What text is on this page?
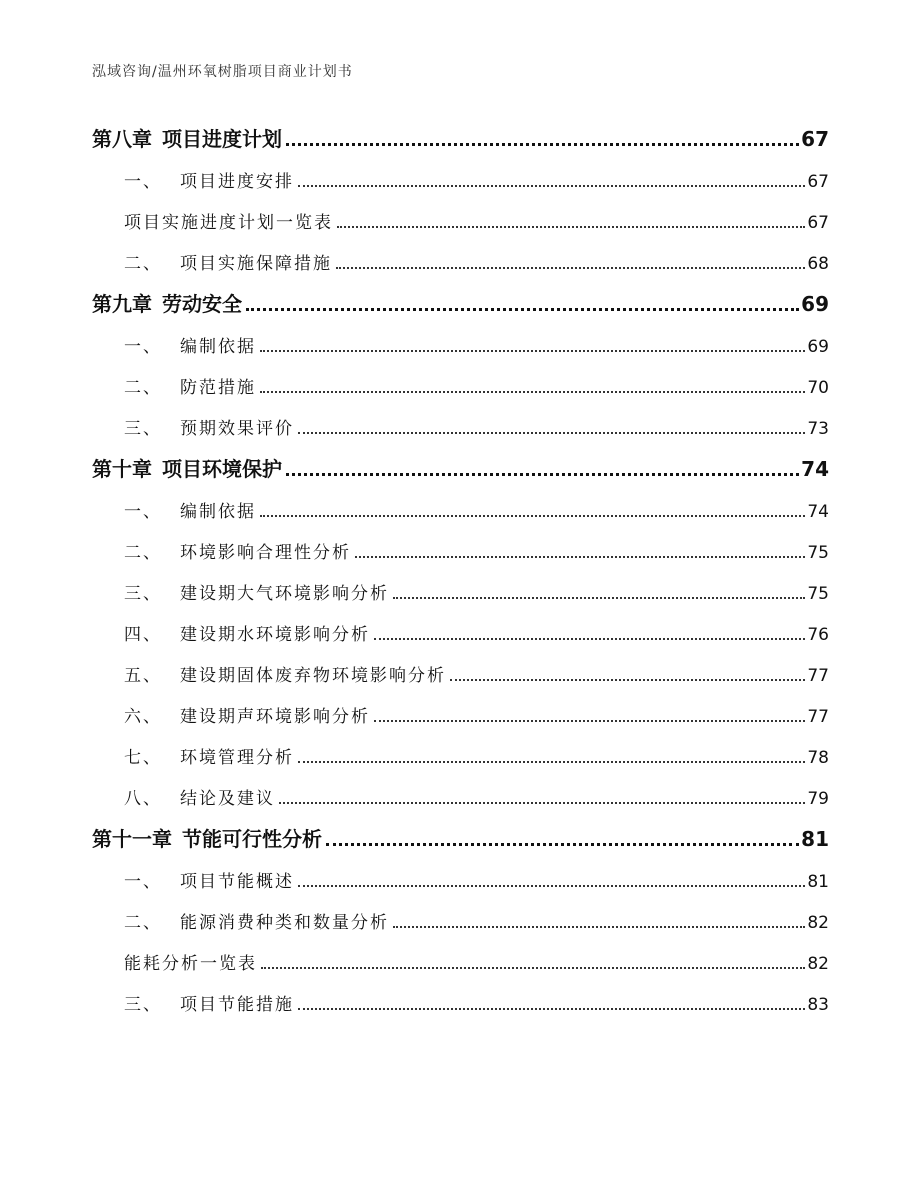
泓域咨询/温州环氧树脂项目商业计划书
第八章 项目进度计划	67
一、	项目进度安排	67
项目实施进度计划一览表	67
二、	项目实施保障措施	68
第九章 劳动安全	69
一、	编制依据	69
二、	防范措施	70
三、	预期效果评价	73
第十章 项目环境保护	74
一、	编制依据	74
二、	环境影响合理性分析	75
三、	建设期大气环境影响分析	75
四、	建设期水环境影响分析	76
五、	建设期固体废弃物环境影响分析	77
六、	建设期声环境影响分析	77
七、	环境管理分析	78
八、	结论及建议	79
第十一章 节能可行性分析	81
一、	项目节能概述	81
二、	能源消费种类和数量分析	82
能耗分析一览表	82
三、	项目节能措施	83
